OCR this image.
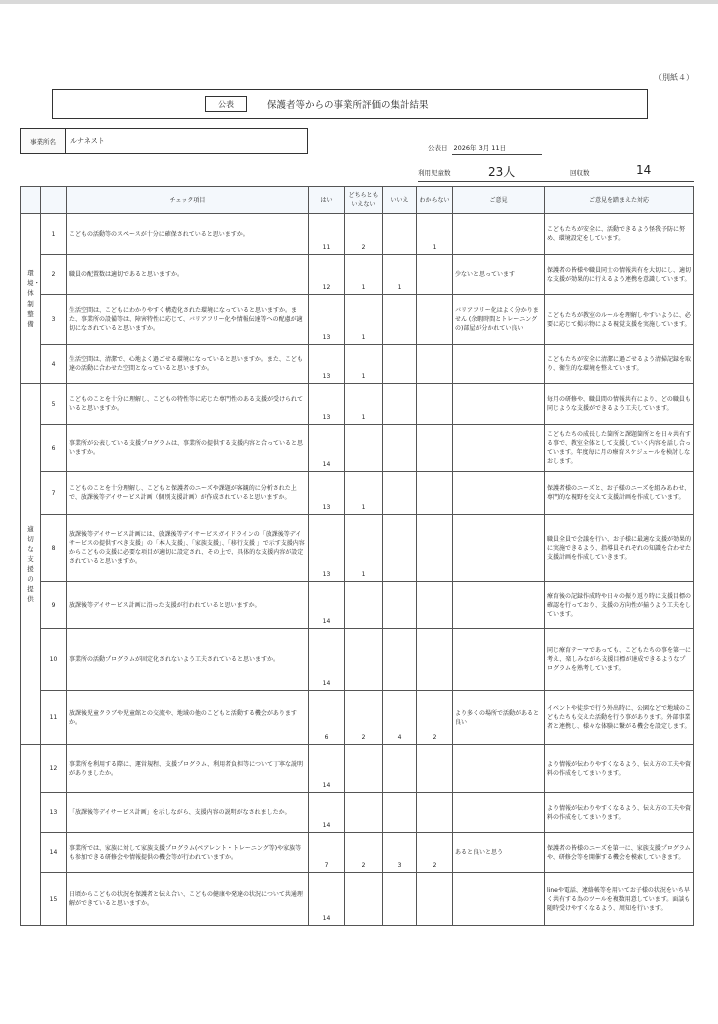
（別紙４）
公表	保護者等からの事業所評価の集計結果
事業所名	ルナネスト
公表日 2026年 3月 11日
利用児童数	23人	回収数	14
		チェック項目	はい	どちらとも いえない	いいえ	わからない	ご意見	ご意見を踏まえた対応

環境・体制整備	1	こどもの活動等のスペースが十分に確保されていると思いますか。	11	2		1		こどもたちが安全に、活動できるよう怪我予防に努め、環境設定をしています。
	2	職員の配置数は適切であると思いますか。	12	1	1		少ないと思っています	保護者の皆様や職員同士の情報共有を大切にし、適切な支援が効果的に行えるよう連携を意識しています。
	3	生活空間は、こどもにわかりやすく構造化された環境になっていると思いますか。また、事業所の設備等は、障害特性に応じて、バリアフリー化や情報伝達等への配慮が適切になされていると思いますか。	13	1			バリアフリー化はよく分かりません (余暇時間とトレーニングの)部屋が分かれてい良い	こどもたちが教室のルールを理解しやすいように、必要に応じて掲示物による視覚支援を実施しています。
	4	生活空間は、清潔で、心地よく過ごせる環境になっていると思いますか。また、こども達の活動に合わせた空間となっていると思いますか。	13	1				こどもたちが安全に清潔に過ごせるよう清掃記録を取り、衛生的な環境を整えています。

適切な支援の提供	5	こどものことを十分に理解し、こどもの特性等に応じた専門性のある支援が受けられていると思いますか。	13	1				毎月の研修や、職員間の情報共有により、どの職員も同じような支援ができるよう工夫しています。
	6	事業所が公表している支援プログラムは、事業所の提供する支援内容と合っていると思いますか。	14					こどもたちの成長した箇所と課題箇所とを日々共有する事で、教室全体として支援していく内容を話し合っています。年度毎に月の療育スケジュールを検討しなおします。
	7	こどものことを十分理解し、こどもと保護者のニーズや課題が客観的に分析された上で、放課後等デイサービス計画（個別支援計画）が作成されていると思いますか。	13	1				保護者様のニーズと、お子様のニーズを組みあわせ、専門的な視野を交えて支援計画を作成しています。
	8	放課後等デイサービス計画には、放課後等デイサービスガイドラインの「放課後等デイサービスの提供すべき支援」の「本人支援」、「家族支援」、「移行支援 」で示す支援内容からこどもの支援に必要な項目が適切に設定され、その上で、具体的な支援内容が設定されていると思いますか。	13	1				職員全員で会議を行い、お子様に最適な支援が効果的に実施できるよう、指導員それぞれの知識を合わせた支援計画を作成していきます。
	9	放課後等デイサービス計画に沿った支援が行われていると思いますか。	14					療育後の記録作成時や日々の振り返り時に支援目標の確認を行っており、支援の方向性が揃うよう工夫をしています。
	10	事業所の活動プログラムが固定化されないよう工夫されていると思いますか。	14					同じ療育テーマであっても、こどもたちの事を第一に考え、楽しみながら支援目標が達成できるようなプログラムを熟考しています。
	11	放課後児童クラブや児童館との交流や、地域の他のこどもと活動する機会がありますか。	6	2	4	2	より多くの場所で活動があると良い	イベントや徒歩で行う外出時に、公園などで地域のこどもたちも交えた活動を行う事があります。外部事業者と連携し、様々な体験に繋がる機会を設定します。

	12	事業所を利用する際に、運営規程、支援プログラム、利用者負担等について丁寧な説明がありましたか。	14					より情報が伝わりやすくなるよう、伝え方の工夫や資料の作成をしてまいります。
	13	「放課後等デイサービス計画」を示しながら、支援内容の説明がなされましたか。	14					より情報が伝わりやすくなるよう、伝え方の工夫や資料の作成をしてまいります。
	14	事業所では、家族に対して家族支援プログラム(ペアレント・トレーニング等)や家族等も参加できる研修会や情報提供の機会等が行われていますか。	7	2	3	2	あると良いと思う	保護者の皆様のニーズを第一に、家族支援プログラムや、研修会等を開催する機会を模索していきます。
	15	日頃からこどもの状況を保護者と伝え合い、こどもの健康や発達の状況について共通理解ができていると思いますか。	14					lineや電話、連絡帳等を用いてお子様の状況をいち早く共有する為のツールを複数用意しています。面談も随時受けやすくなるよう、周知を行います。
